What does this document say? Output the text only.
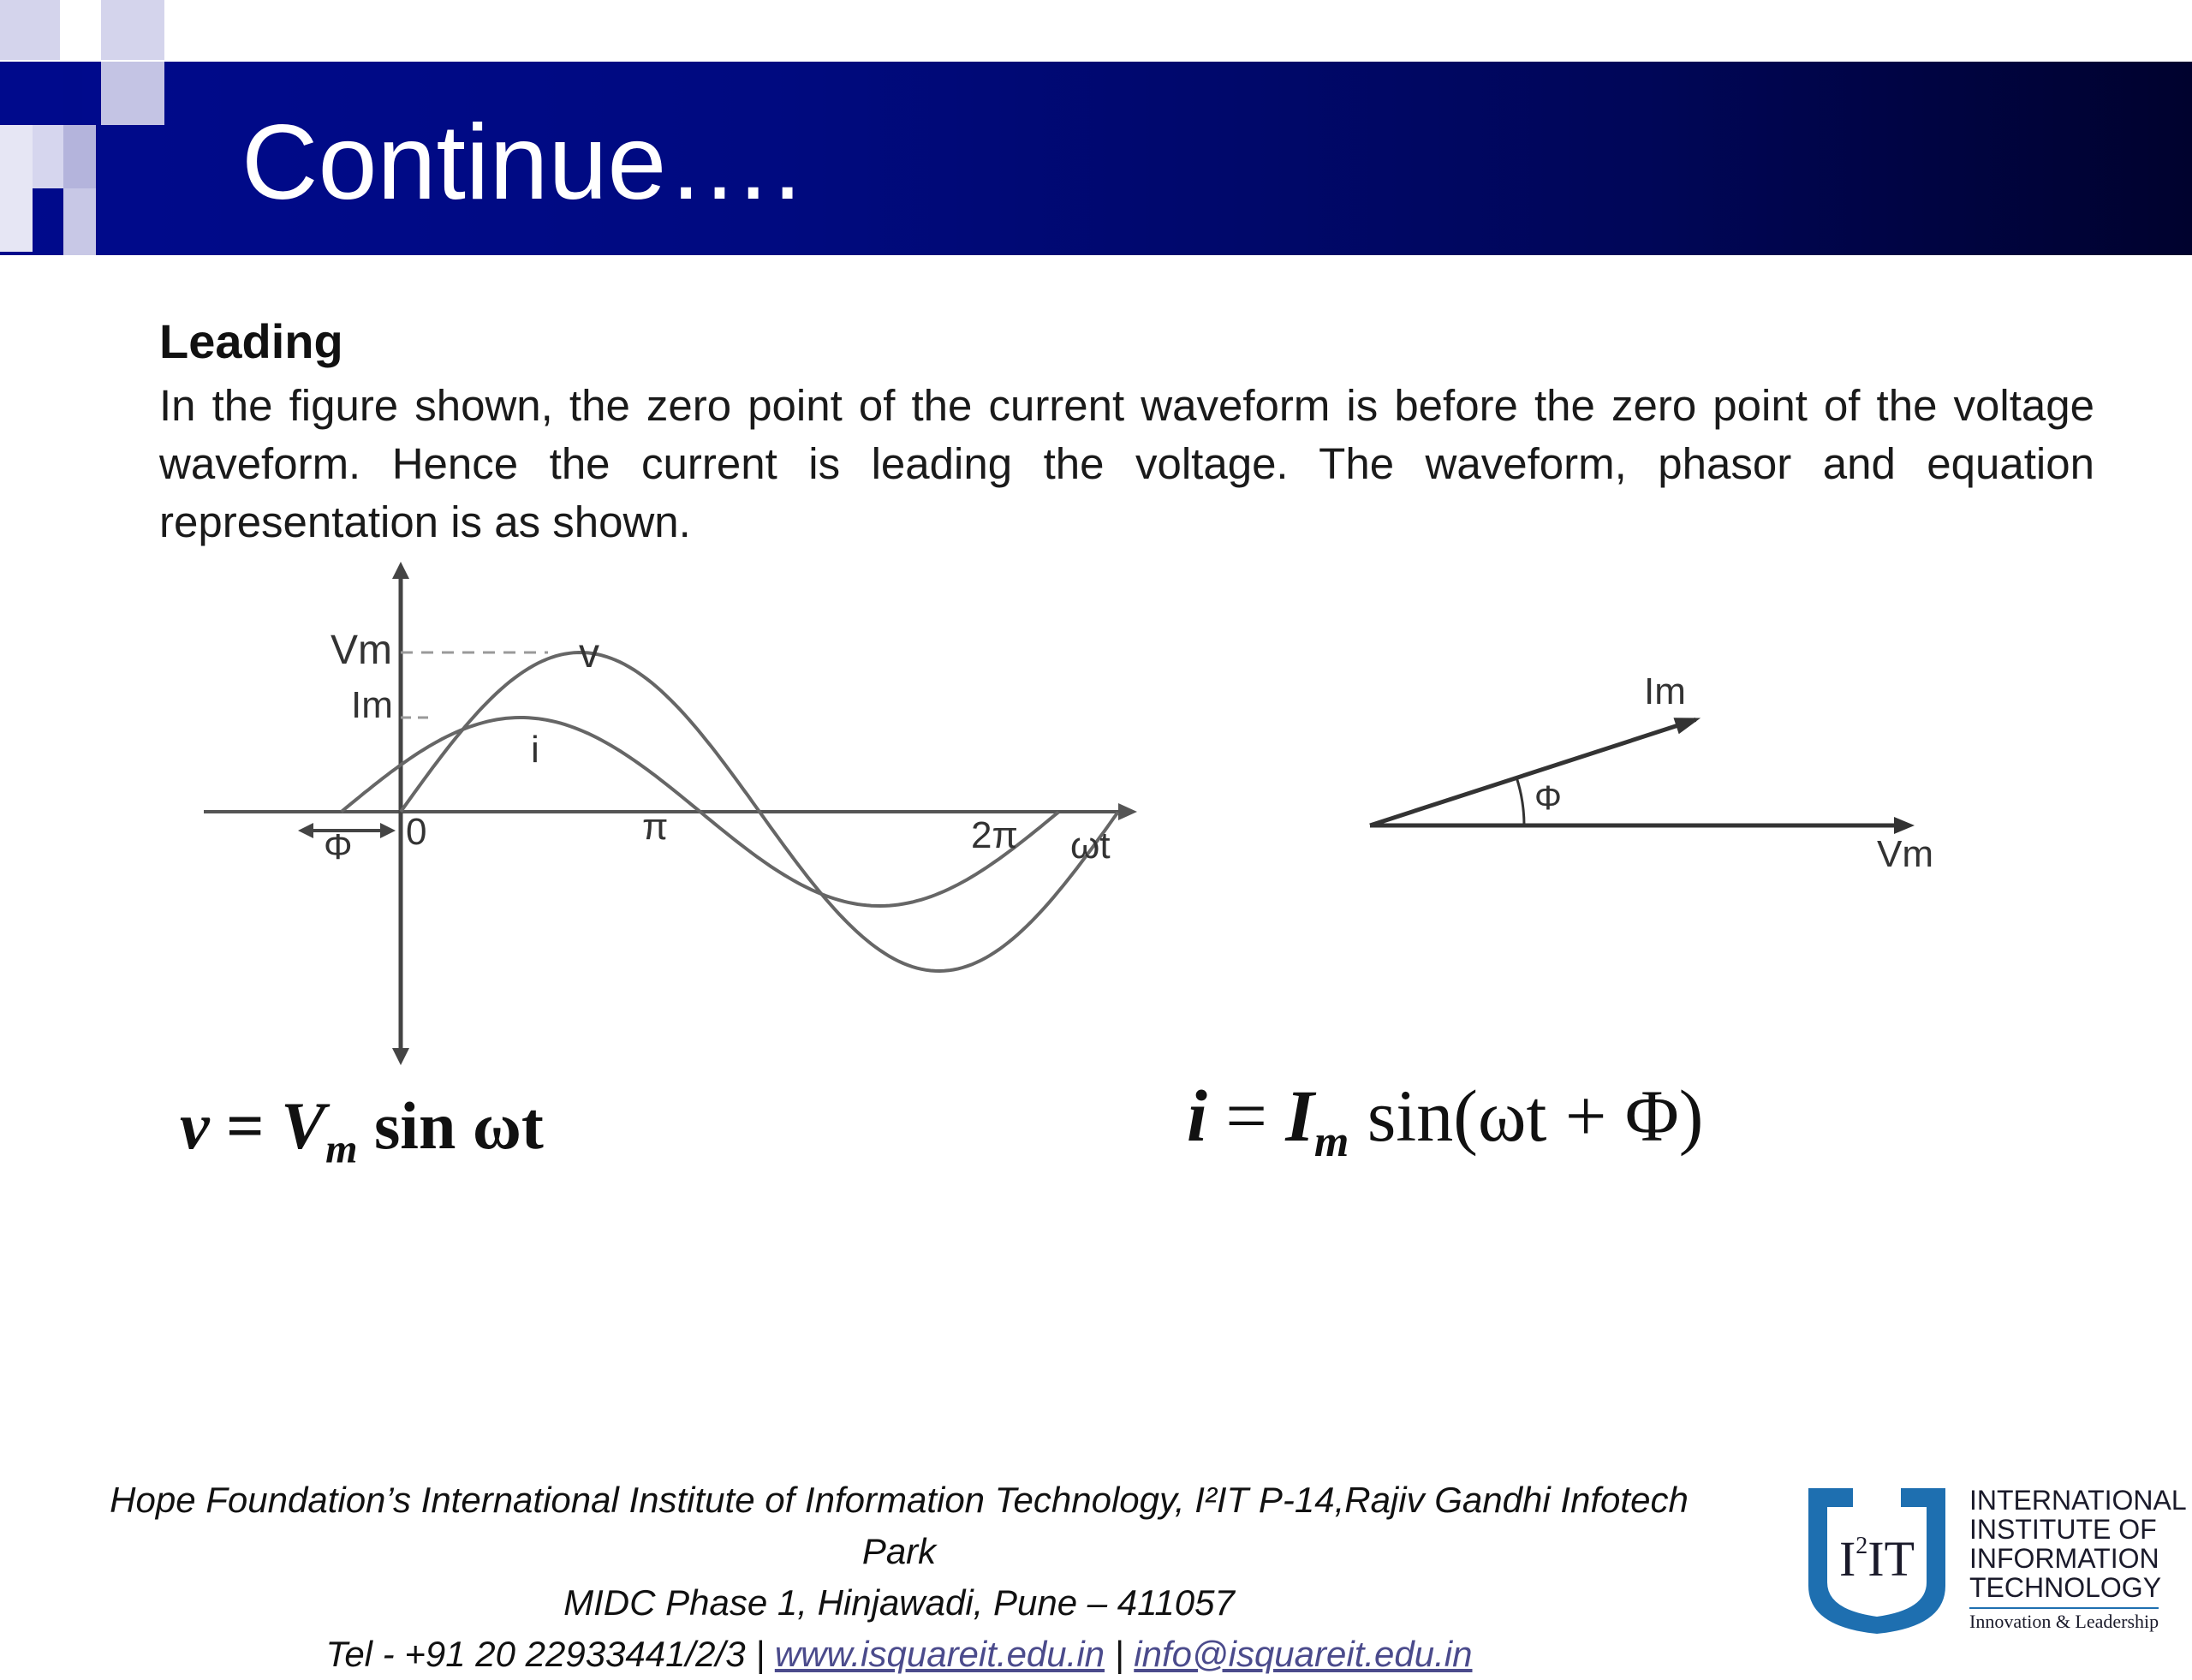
Continue….
Leading

In the figure shown, the zero point of the current waveform is before the zero point of the voltage waveform. Hence the current is leading the voltage. The waveform, phasor and equation representation is as shown.

Vm
Im
v
i
0	π	2π ωt
Φ
Im
Vm
Φ
$v = V_m$ sin ωt	$i = I_m$ sin(ωt + Φ)
Hope Foundation’s International Institute of Information Technology, I²IT P-14,Rajiv Gandhi Infotech Park
MIDC Phase 1, Hinjawadi, Pune – 411057
Tel - +91 20 22933441/2/3 | www.isquareit.edu.in | info@isquareit.edu.in
$I^2IT$
INTERNATIONAL
INSTITUTE OF
INFORMATION
TECHNOLOGY
Innovation & Leadership
